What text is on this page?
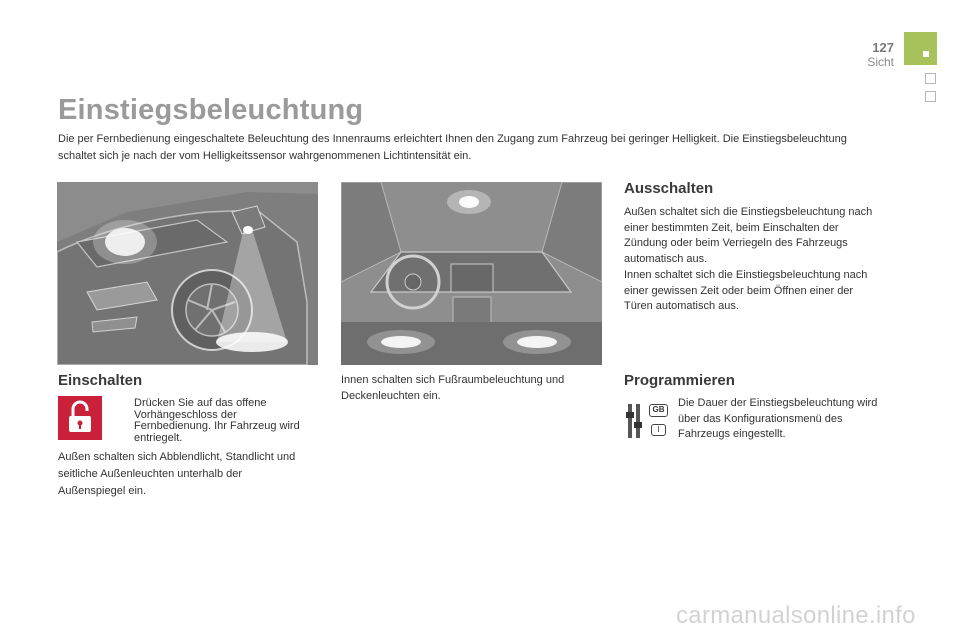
127
Sicht
Einstiegsbeleuchtung

Die per Fernbedienung eingeschaltete Beleuchtung des Innenraums erleichtert Ihnen den Zugang zum Fahrzeug bei geringer Helligkeit. Die Einstiegsbeleuchtung schaltet sich je nach der vom Helligkeitssensor wahrgenommenen Lichtintensität ein.

Einschalten

Drücken Sie auf das offene Vorhängeschloss der Fernbedienung. Ihr Fahrzeug wird entriegelt.

Außen schalten sich Abblendlicht, Standlicht und seitliche Außenleuchten unterhalb der Außenspiegel ein.

Innen schalten sich Fußraumbeleuchtung und Deckenleuchten ein.

Ausschalten

Außen schaltet sich die Einstiegsbeleuchtung nach einer bestimmten Zeit, beim Einschalten der Zündung oder beim Verriegeln des Fahrzeugs automatisch aus.

Innen schaltet sich die Einstiegsbeleuchtung nach einer gewissen Zeit oder beim Öffnen einer der Türen automatisch aus.

Programmieren
GB
I

Die Dauer der Einstiegsbeleuchtung wird über das Konfigurationsmenü des Fahrzeugs eingestellt.

carmanualsonline.info
